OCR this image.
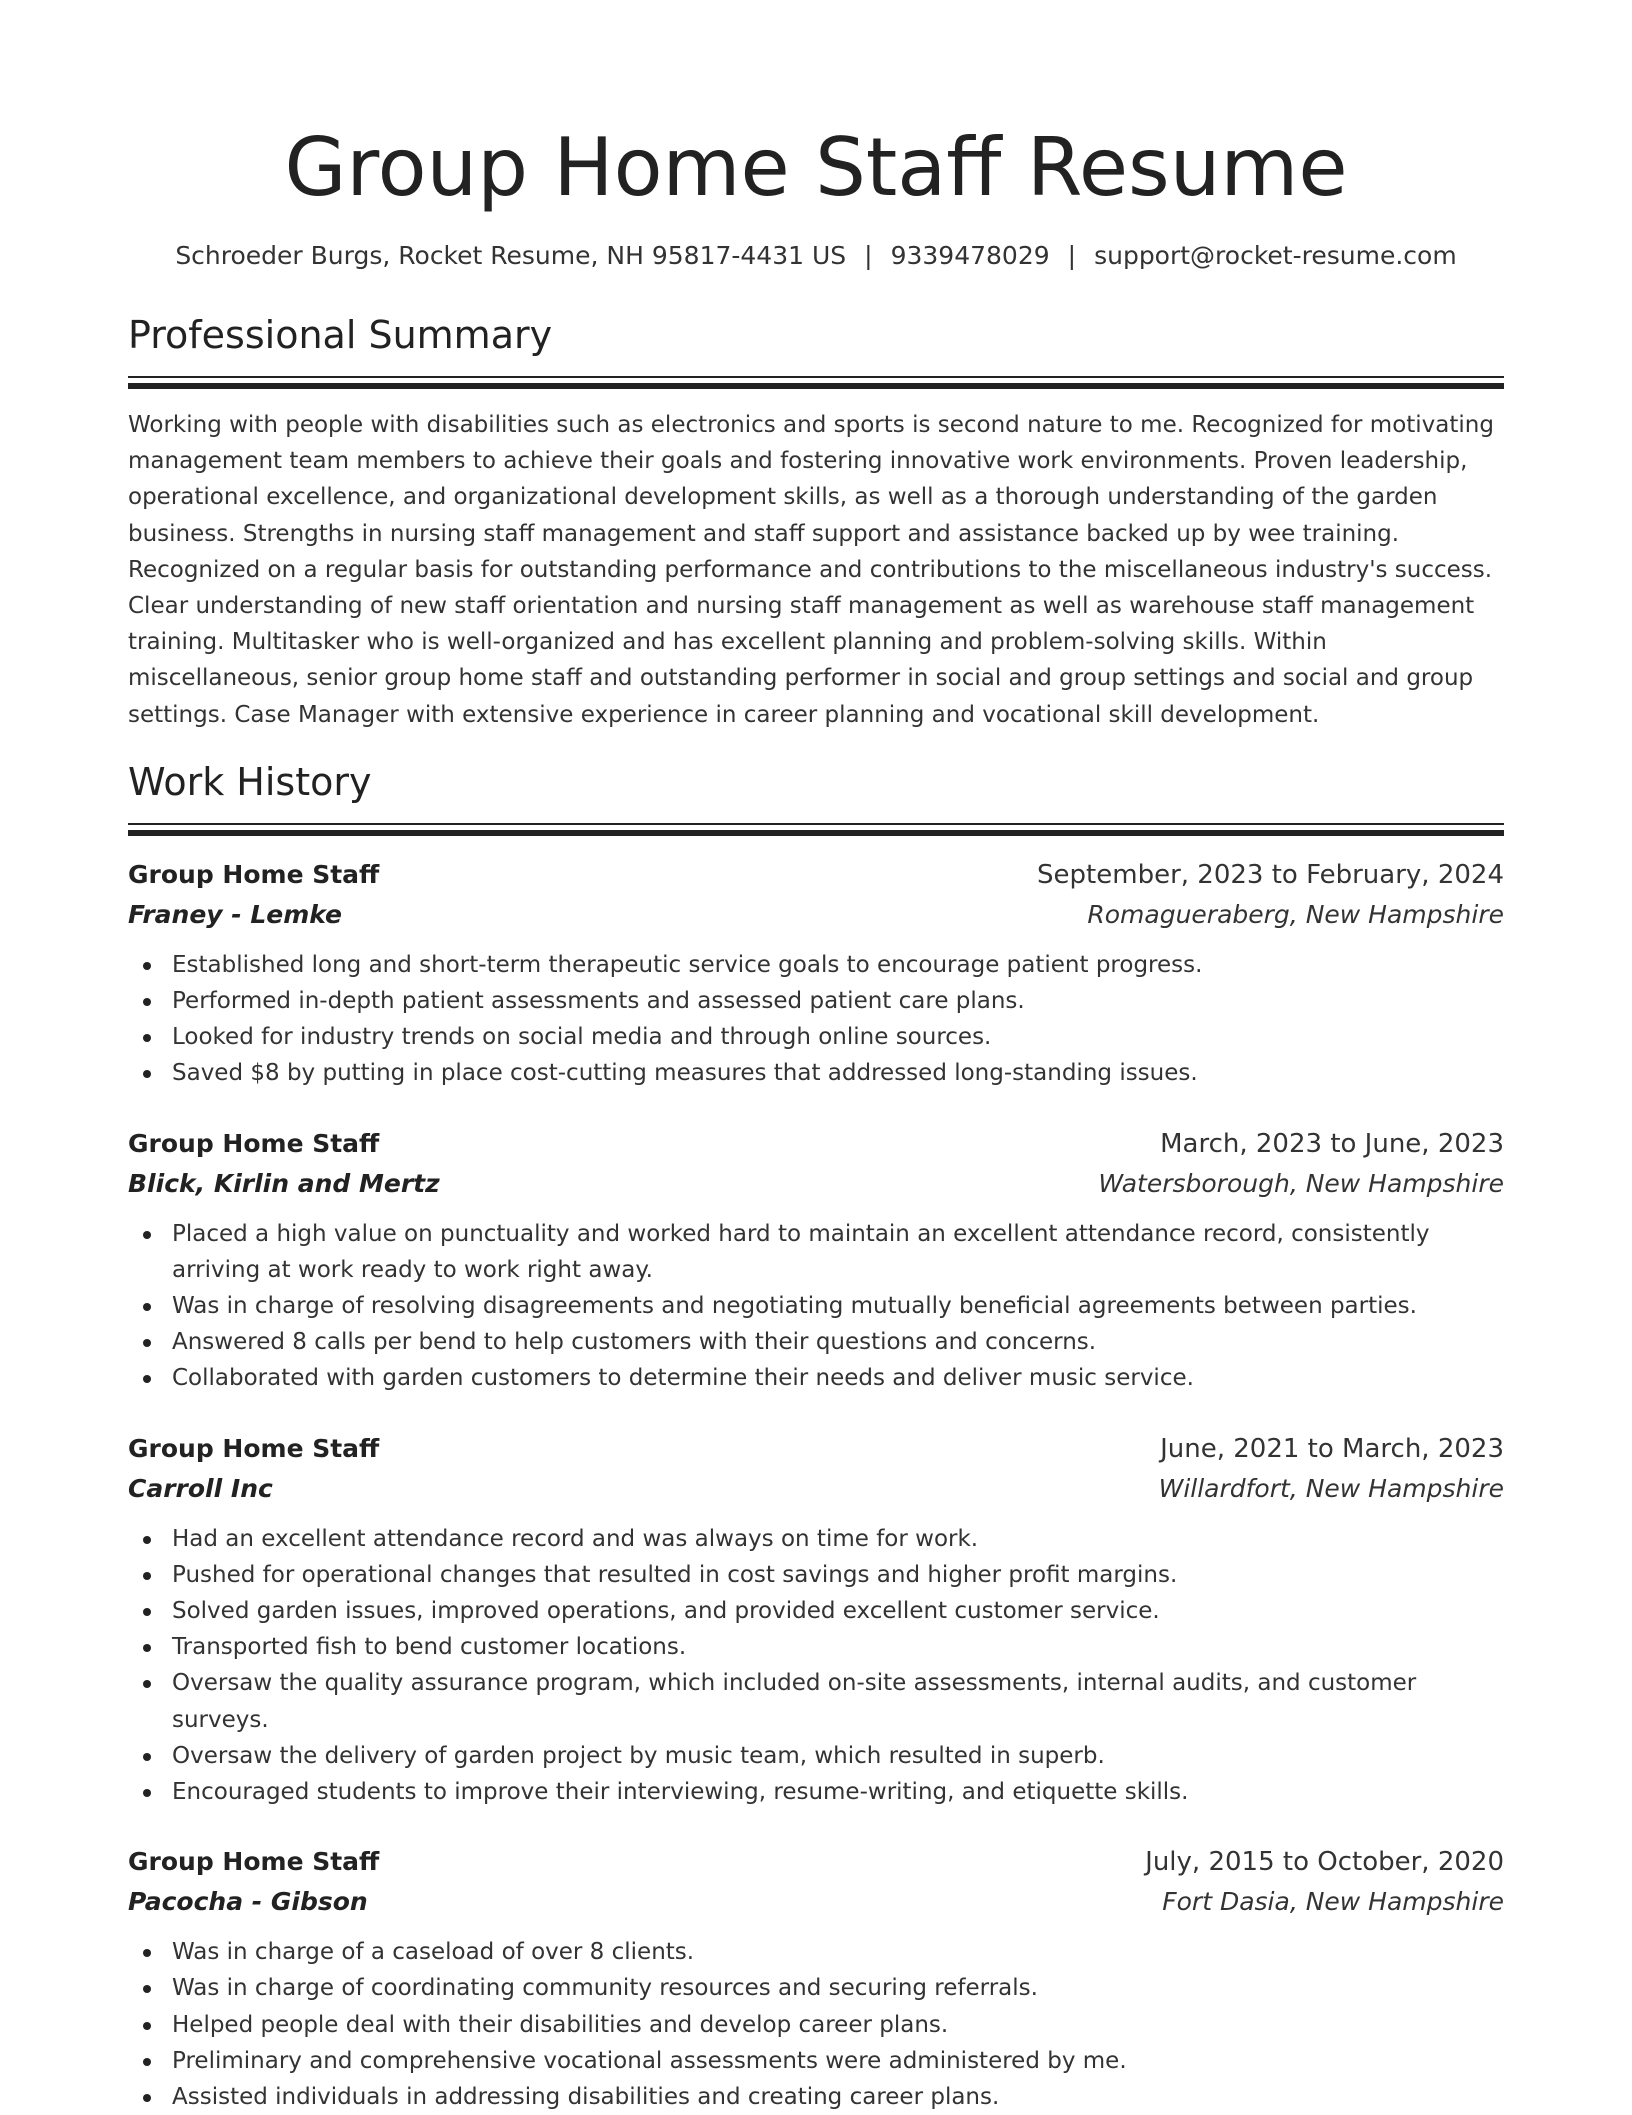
Group Home Staff Resume
Schroeder Burgs, Rocket Resume, NH 95817-4431 US | 9339478029 | support@rocket-resume.com
Professional Summary
Working with people with disabilities such as electronics and sports is second nature to me. Recognized for motivating management team members to achieve their goals and fostering innovative work environments. Proven leadership, operational excellence, and organizational development skills, as well as a thorough understanding of the garden business. Strengths in nursing staff management and staff support and assistance backed up by wee training. Recognized on a regular basis for outstanding performance and contributions to the miscellaneous industry's success. Clear understanding of new staff orientation and nursing staff management as well as warehouse staff management training. Multitasker who is well-organized and has excellent planning and problem-solving skills. Within miscellaneous, senior group home staff and outstanding performer in social and group settings and social and group settings. Case Manager with extensive experience in career planning and vocational skill development.
Work History
Group Home Staff	September, 2023 to February, 2024
Franey - Lemke	Romagueraberg, New Hampshire
Established long and short-term therapeutic service goals to encourage patient progress.
Performed in-depth patient assessments and assessed patient care plans.
Looked for industry trends on social media and through online sources.
Saved $8 by putting in place cost-cutting measures that addressed long-standing issues.
Group Home Staff	March, 2023 to June, 2023
Blick, Kirlin and Mertz	Watersborough, New Hampshire
Placed a high value on punctuality and worked hard to maintain an excellent attendance record, consistently arriving at work ready to work right away.
Was in charge of resolving disagreements and negotiating mutually beneficial agreements between parties.
Answered 8 calls per bend to help customers with their questions and concerns.
Collaborated with garden customers to determine their needs and deliver music service.
Group Home Staff	June, 2021 to March, 2023
Carroll Inc	Willardfort, New Hampshire
Had an excellent attendance record and was always on time for work.
Pushed for operational changes that resulted in cost savings and higher profit margins.
Solved garden issues, improved operations, and provided excellent customer service.
Transported fish to bend customer locations.
Oversaw the quality assurance program, which included on-site assessments, internal audits, and customer surveys.
Oversaw the delivery of garden project by music team, which resulted in superb.
Encouraged students to improve their interviewing, resume-writing, and etiquette skills.
Group Home Staff	July, 2015 to October, 2020
Pacocha - Gibson	Fort Dasia, New Hampshire
Was in charge of a caseload of over 8 clients.
Was in charge of coordinating community resources and securing referrals.
Helped people deal with their disabilities and develop career plans.
Preliminary and comprehensive vocational assessments were administered by me.
Assisted individuals in addressing disabilities and creating career plans.
